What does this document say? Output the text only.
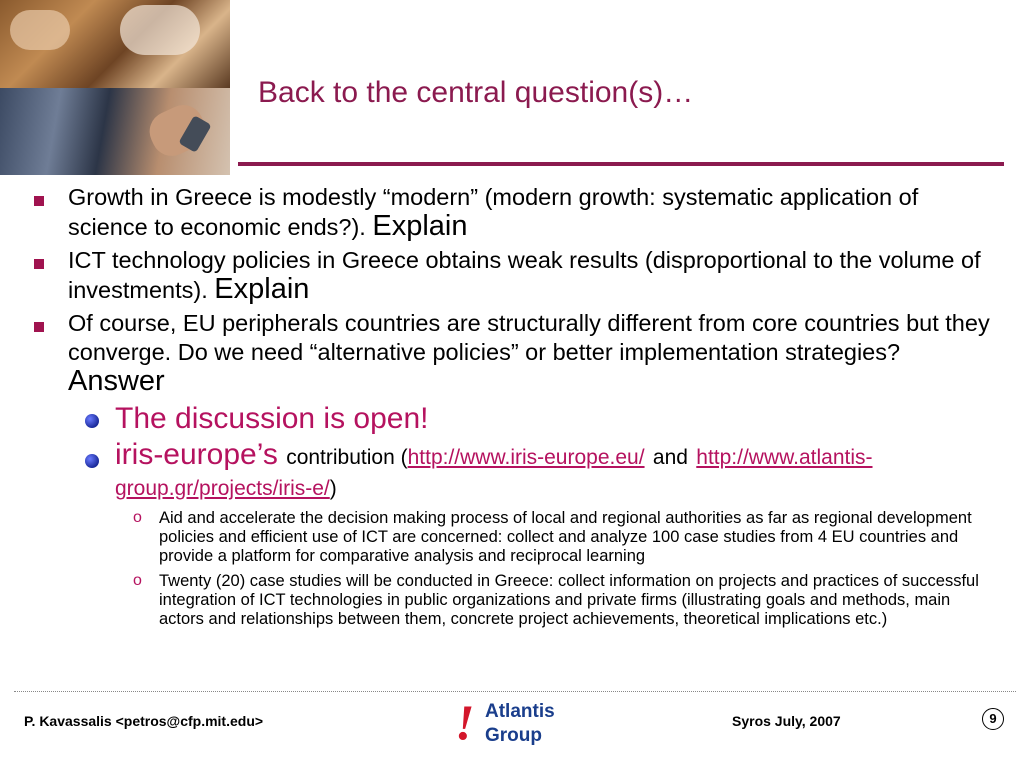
Back to the central question(s)…
Growth in Greece is modestly “modern” (modern growth: systematic application of science to economic ends?). Explain
ICT technology policies in Greece obtains weak results (disproportional to the volume of investments). Explain
Of course, EU peripherals countries are structurally different from core countries but they converge. Do we need “alternative policies” or better implementation strategies? Answer
The discussion is open!
iris-europe’s contribution (http://www.iris-europe.eu/ and http://www.atlantis-group.gr/projects/iris-e/)
o Aid and accelerate the decision making process of local and regional authorities as far as regional development policies and efficient use of ICT are concerned: collect and analyze 100 case studies from 4 EU countries and provide a platform for comparative analysis and reciprocal learning
o Twenty (20) case studies will be conducted in Greece: collect information on projects and practices of successful integration of ICT technologies in public organizations and private firms (illustrating goals and methods, main actors and relationships between them, concrete project achievements, theoretical implications etc.)
P. Kavassalis <petros@cfp.mit.edu>	! Atlantis
Group
Syros July, 2007	9
